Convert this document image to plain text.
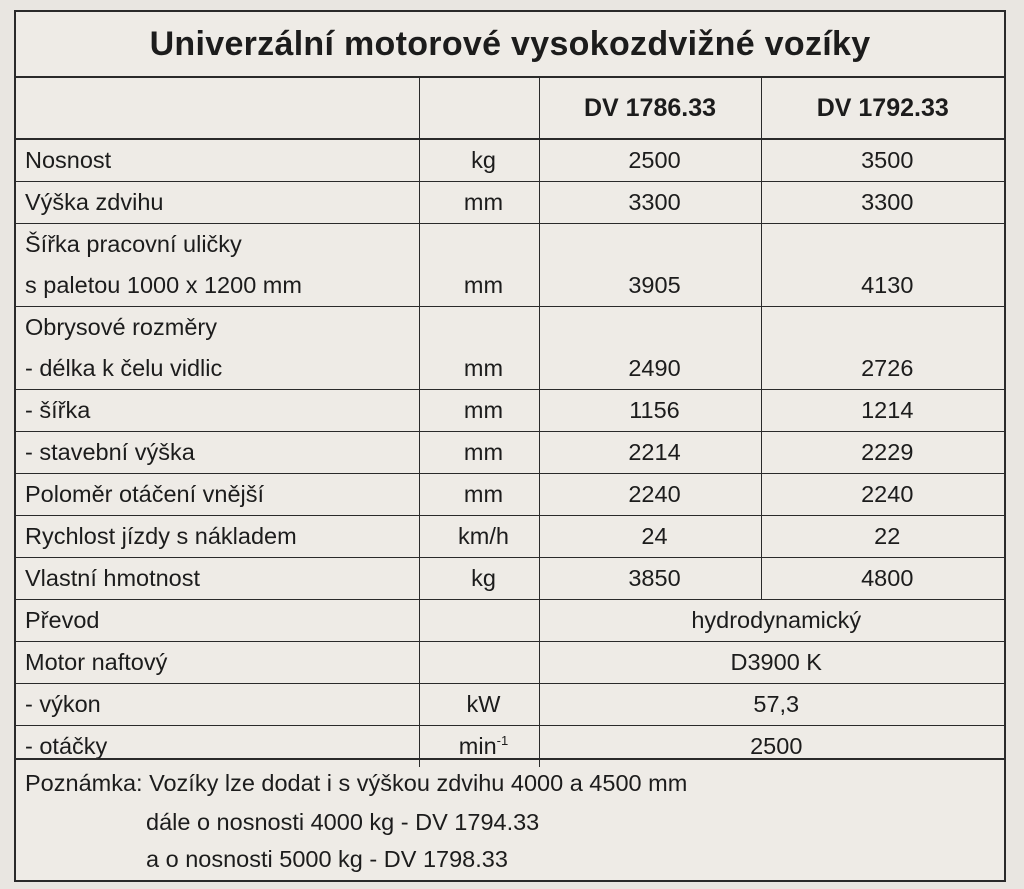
Univerzální motorové vysokozdvižné vozíky
		DV 1786.33	DV 1792.33
Nosnost	kg	2500	3500
Výška zdvihu	mm	3300	3300
Šířka pracovní uličky			
s paletou 1000 x 1200 mm	mm	3905	4130
Obrysové rozměry			
- délka k čelu vidlic	mm	2490	2726
- šířka	mm	1156	1214
- stavební výška	mm	2214	2229
Poloměr otáčení vnější	mm	2240	2240
Rychlost jízdy s nákladem	km/h	24	22
Vlastní hmotnost	kg	3850	4800
Převod		hydrodynamický	
Motor naftový		D3900 K	
- výkon	kW	57,3	
- otáčky	$\min^{-1}$	2500	
Poznámka: Vozíky lze dodat i s výškou zdvihu 4000 a 4500 mm
dále o nosnosti 4000 kg - DV 1794.33
a o nosnosti 5000 kg - DV 1798.33
